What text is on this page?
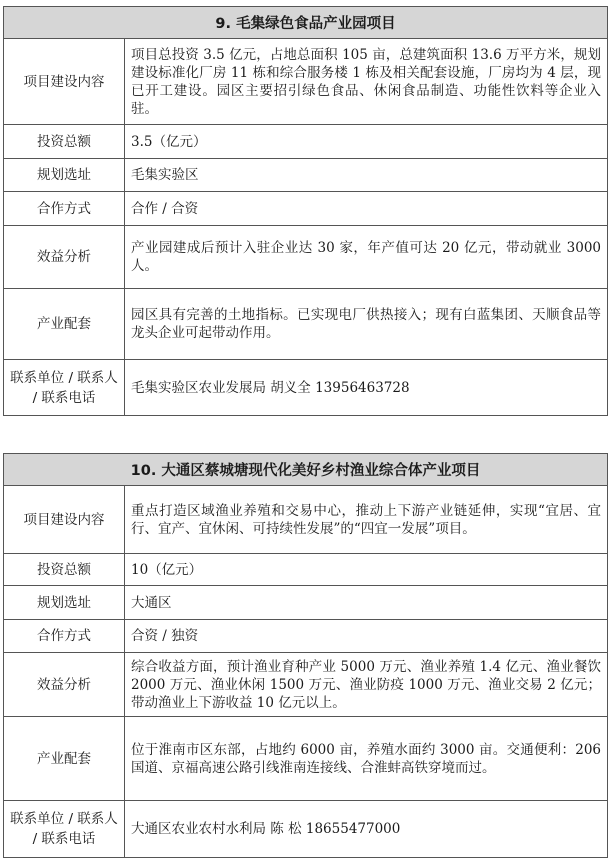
9. 毛集绿色食品产业园项目	
项目建设内容	项目总投资 3.5 亿元，占地总面积 105 亩，总建筑面积 13.6 万平方米，规划建设标准化厂房 11 栋和综合服务楼 1 栋及相关配套设施，厂房均为 4 层，现已开工建设。园区主要招引绿色食品、休闲食品制造、功能性饮料等企业入驻。
投资总额	3.5（亿元）
规划选址	毛集实验区
合作方式	合作 / 合资
效益分析	产业园建成后预计入驻企业达 30 家，年产值可达 20 亿元，带动就业 3000 人。
产业配套	园区具有完善的土地指标。已实现电厂供热接入；现有白蓝集团、天顺食品等龙头企业可起带动作用。
联系单位 / 联系人 / 联系电话	毛集实验区农业发展局 胡义全 13956463728
10. 大通区蔡城塘现代化美好乡村渔业综合体产业项目	
项目建设内容	重点打造区域渔业养殖和交易中心，推动上下游产业链延伸，实现“宜居、宜行、宜产、宜休闲、可持续性发展”的“四宜一发展”项目。
投资总额	10（亿元）
规划选址	大通区
合作方式	合资 / 独资
效益分析	综合收益方面，预计渔业育种产业 5000 万元、渔业养殖 1.4 亿元、渔业餐饮 2000 万元、渔业休闲 1500 万元、渔业防疫 1000 万元、渔业交易 2 亿元；带动渔业上下游收益 10 亿元以上。
产业配套	位于淮南市区东部，占地约 6000 亩，养殖水面约 3000 亩。交通便利：206 国道、京福高速公路引线淮南连接线、合淮蚌高铁穿境而过。
联系单位 / 联系人 / 联系电话	大通区农业农村水利局 陈 松 18655477000
